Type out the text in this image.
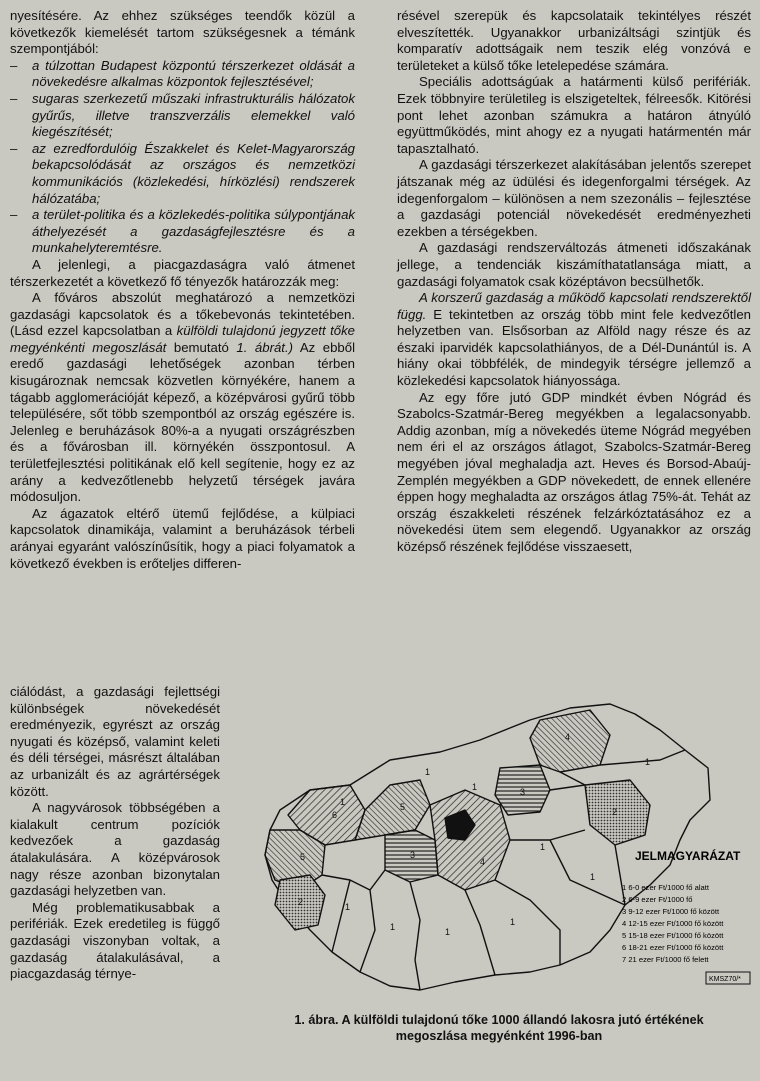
nyesítésére. Az ehhez szükséges teendők közül a következők kiemelését tartom szükségesnek a témánk szempontjából:

– a túlzottan Budapest központú térszerkezet oldását a növekedésre alkalmas központok fejlesztésével;

– sugaras szerkezetű műszaki infrastrukturális hálózatok gyűrűs, illetve transzverzális elemekkel való kiegészítését;

– az ezredfordulóig Északkelet és Kelet-Magyarország bekapcsolódását az országos és nemzetközi kommunikációs (közlekedési, hírközlési) rendszerek hálózatába;

– a terület-politika és a közlekedés-politika súlypontjának áthelyezését a gazdaságfejlesztésre és a munkahelyteremtésre.

A jelenlegi, a piacgazdaságra való átmenet térszerkezetét a következő fő tényezők határozzák meg:

A főváros abszolút meghatározó a nemzetközi gazdasági kapcsolatok és a tőkebevonás tekintetében. (Lásd ezzel kapcsolatban a külföldi tulajdonú jegyzett tőke megyénkénti megoszlását bemutató 1. ábrát.) Az ebből eredő gazdasági lehetőségek azonban térben kisugároznak nemcsak közvetlen környékére, hanem a tágabb agglomerációját képező, a középvárosi gyűrű több településére, sőt több szempontból az ország egészére is. Jelenleg e beruházások 80%-a a nyugati országrészben és a fővárosban ill. környékén összpontosul. A területfejlesztési politikának elő kell segítenie, hogy ez az arány a kedvezőtlenebb helyzetű térségek javára módosuljon.

Az ágazatok eltérő ütemű fejlődése, a külpiaci kapcsolatok dinamikája, valamint a beruházások térbeli arányai egyaránt valószínűsítik, hogy a piaci folyamatok a következő években is erőteljes differen-

ciálódást, a gazdasági fejlettségi különbségek növekedését eredményezik, egyrészt az ország nyugati és középső, valamint keleti és déli térségei, másrészt általában az urbanizált és az agrártérségek között.

A nagyvárosok többségében a kialakult centrum pozíciók kedvezőek a gazdaság átalakulására. A középvárosok nagy része azonban bizonytalan gazdasági helyzetben van.

Még problematikusabbak a perifériák. Ezek eredetileg is függő gazdasági viszonyban voltak, a gazdaság átalakulásával, a piacgazdaság térnye-

résével szerepük és kapcsolataik tekintélyes részét elveszítették. Ugyanakkor urbanizáltsági szintjük és komparatív adottságaik nem teszik elég vonzóvá e területeket a külső tőke letelepedése számára.

Speciális adottságúak a határmenti külső perifériák. Ezek többnyire területileg is elszigeteltek, félreesők. Kitörési pont lehet azonban számukra a határon átnyúló együttműködés, mint ahogy ez a nyugati határmentén már tapasztalható.

A gazdasági térszerkezet alakításában jelentős szerepet játszanak még az üdülési és idegenforgalmi térségek. Az idegenforgalom – különösen a nem szezonális – fejlesztése a gazdasági potenciál növekedését eredményezheti ezekben a térségekben.

A gazdasági rendszerváltozás átmeneti időszakának jellege, a tendenciák kiszámíthatatlansága miatt, a gazdasági folyamatok csak középtávon becsülhetők.

A korszerű gazdaság a működő kapcsolati rendszerektől függ. E tekintetben az ország több mint fele kedvezőtlen helyzetben van. Elsősorban az Alföld nagy része és az északi iparvidék kapcsolathiányos, de a Dél-Dunántúl is. A hiány okai többfélék, de mindegyik térségre jellemző a közlekedési kapcsolatok hiányossága.

Az egy főre jutó GDP mindkét évben Nógrád és Szabolcs-Szatmár-Bereg megyékben a legalacsonyabb. Addig azonban, míg a növekedés üteme Nógrád megyében nem éri el az országos átlagot, Szabolcs-Szatmár-Bereg megyében jóval meghaladja azt. Heves és Borsod-Abaúj-Zemplén megyékben a GDP növekedett, de ennek ellenére éppen hogy meghaladta az országos átlag 75%-át. Tehát az ország északkeleti részének felzárkóztatásához ez a növekedési ütem sem elegendő. Ugyanakkor az ország középső részének fejlődése visszaesett,

5
6
5
3
4
3
4
2
2
1
1
1	1
1
1
1
1
1
1
JELMAGYARÁZAT
1 6-0 ezer Ft/1000 fő alatt
2 6-9 ezer Ft/1000 fő
3 9-12 ezer Ft/1000 fő között
4 12-15 ezer Ft/1000 fő között
5 15-18 ezer Ft/1000 fő között
6 18-21 ezer Ft/1000 fő között
7 21 ezer Ft/1000 fő felett
KMSZ70/*
1. ábra. A külföldi tulajdonú tőke 1000 állandó lakosra jutó értékének
megoszlása megyénként 1996-ban
